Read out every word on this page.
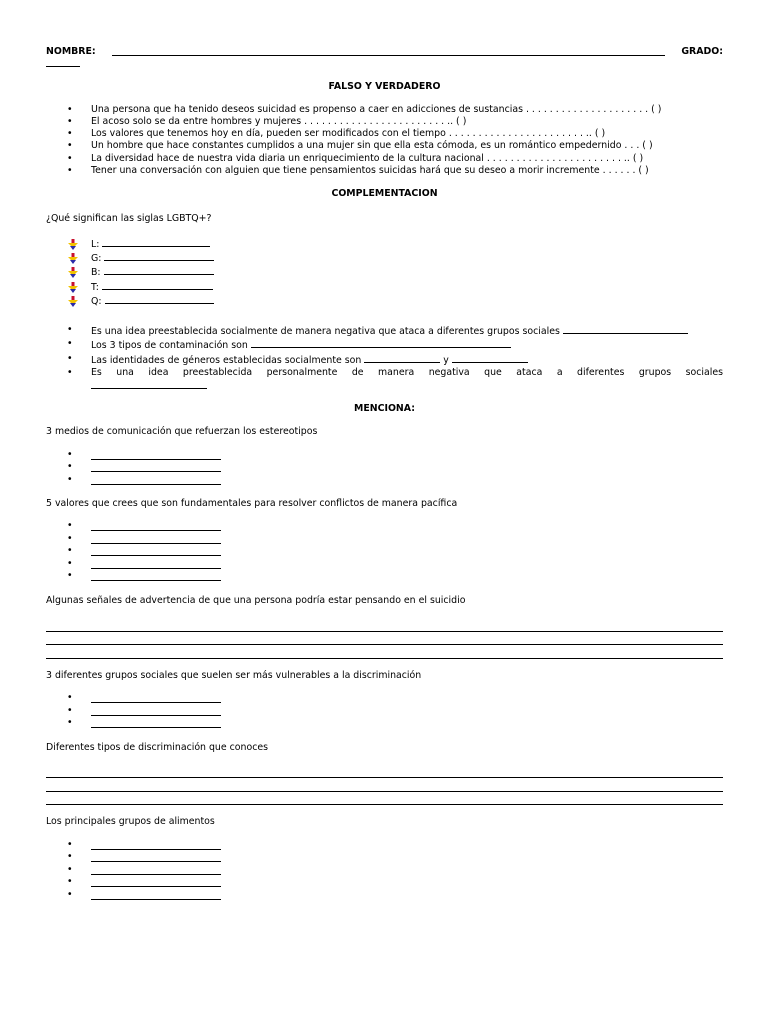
NOMBRE:	GRADO:
FALSO Y VERDADERO
• Una persona que ha tenido deseos suicidad es propenso a caer en adicciones de sustancias . . . . . . . . . . . . . . . . . . . . . ( )
• El acoso solo se da entre hombres y mujeres . . . . . . . . . . . . . . . . . . . . . . . . .. ( )
• Los valores que tenemos hoy en día, pueden ser modificados con el tiempo . . . . . . . . . . . . . . . . . . . . . . . .. ( )
• Un hombre que hace constantes cumplidos a una mujer sin que ella esta cómoda, es un romántico empedernido . . . ( )
• La diversidad hace de nuestra vida diaria un enriquecimiento de la cultura nacional . . . . . . . . . . . . . . . . . . . . . . . .. ( )
• Tener una conversación con alguien que tiene pensamientos suicidas hará que su deseo a morir incremente . . . . . . ( )
COMPLEMENTACION
¿Qué significan las siglas LGBTQ+?
L:
G:
B:
T:
Q:
• Es una idea preestablecida socialmente de manera negativa que ataca a diferentes grupos sociales
• Los 3 tipos de contaminación son
• Las identidades de géneros establecidas socialmente son	y
• Es una idea preestablecida personalmente de manera negativa que ataca a diferentes grupos sociales
MENCIONA:
3 medios de comunicación que refuerzan los estereotipos
•
•
•
5 valores que crees que son fundamentales para resolver conflictos de manera pacífica
•
•
•
•
•
Algunas señales de advertencia de que una persona podría estar pensando en el suicidio
3 diferentes grupos sociales que suelen ser más vulnerables a la discriminación
•
•
•
Diferentes tipos de discriminación que conoces
Los principales grupos de alimentos
•
•
•
•
•
